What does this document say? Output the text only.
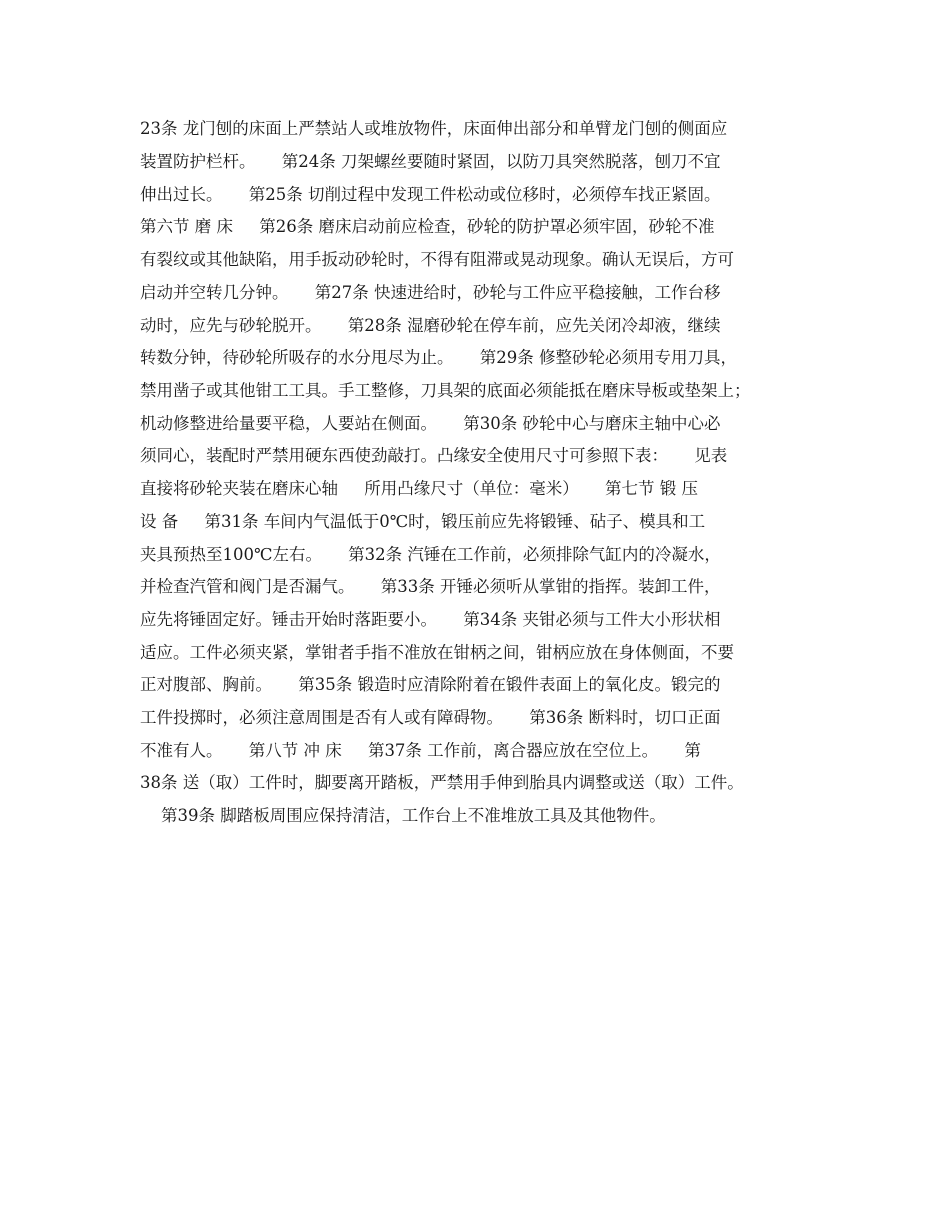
23条 龙门刨的床面上严禁站人或堆放物件，床面伸出部分和单臂龙门刨的侧面应
装置防护栏杆。     第24条 刀架螺丝要随时紧固，以防刀具突然脱落，刨刀不宜
伸出过长。     第25条 切削过程中发现工件松动或位移时，必须停车找正紧固。
第六节 磨 床     第26条 磨床启动前应检查，砂轮的防护罩必须牢固，砂轮不准
有裂纹或其他缺陷，用手扳动砂轮时，不得有阻滞或晃动现象。确认无误后，方可
启动并空转几分钟。     第27条 快速进给时，砂轮与工件应平稳接触，工作台移
动时，应先与砂轮脱开。     第28条 湿磨砂轮在停车前，应先关闭冷却液，继续
转数分钟，待砂轮所吸存的水分甩尽为止。     第29条 修整砂轮必须用专用刀具，
禁用凿子或其他钳工工具。手工整修，刀具架的底面必须能抵在磨床导板或垫架上；
机动修整进给量要平稳，人要站在侧面。     第30条 砂轮中心与磨床主轴中心必
须同心，装配时严禁用硬东西使劲敲打。凸缘安全使用尺寸可参照下表：     见表
直接将砂轮夹装在磨床心轴     所用凸缘尺寸（单位：毫米）     第七节 锻 压
设 备     第31条 车间内气温低于0℃时，锻压前应先将锻锤、砧子、模具和工
夹具预热至100℃左右。     第32条 汽锤在工作前，必须排除气缸内的冷凝水，
并检查汽管和阀门是否漏气。     第33条 开锤必须听从掌钳的指挥。装卸工件，
应先将锤固定好。锤击开始时落距要小。     第34条 夹钳必须与工件大小形状相
适应。工件必须夹紧，掌钳者手指不准放在钳柄之间，钳柄应放在身体侧面，不要
正对腹部、胸前。     第35条 锻造时应清除附着在锻件表面上的氧化皮。锻完的
工件投掷时，必须注意周围是否有人或有障碍物。     第36条 断料时，切口正面
不准有人。     第八节 冲 床     第37条 工作前，离合器应放在空位上。     第
38条 送（取）工件时，脚要离开踏板，严禁用手伸到胎具内调整或送（取）工件。
第39条 脚踏板周围应保持清洁，工作台上不准堆放工具及其他物件。
